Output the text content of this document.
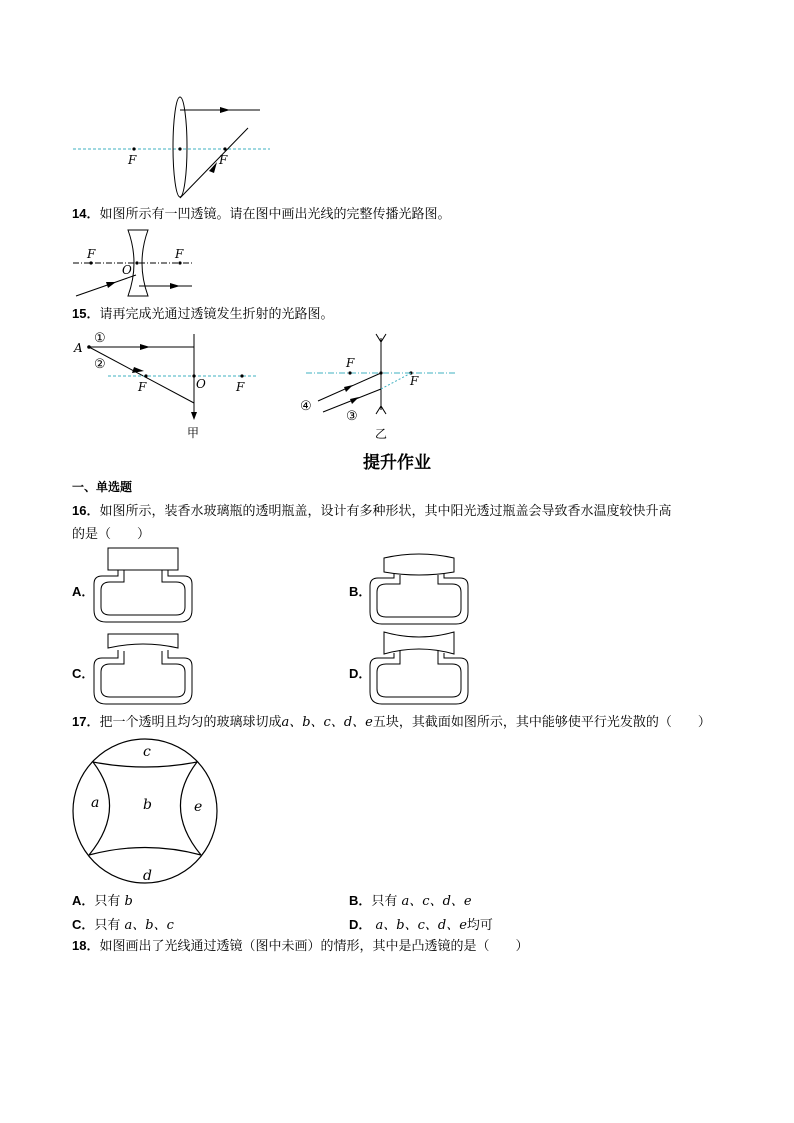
F	F
14．如图所示有一凹透镜。请在图中画出光线的完整传播光路图。
F
O
F
15．请再完成光通过透镜发生折射的光路图。
A
①
②
F	O	F
甲
F
F
④
③
乙
提升作业
一、单选题
16．如图所示，装香水玻璃瓶的透明瓶盖，设计有多种形状，其中阳光透过瓶盖会导致香水温度较快升高
的是（　　）
A．	B．
C．	D．
17．把一个透明且均匀的玻璃球切成a、b、c、d、e五块，其截面如图所示，其中能够使平行光发散的（　　）
c
a	b	e
d
A．只有 b	B．只有 a、c、d、e
C．只有 a、b、c	D． a、b、c、d、e均可
18．如图画出了光线通过透镜（图中未画）的情形，其中是凸透镜的是（　　）
